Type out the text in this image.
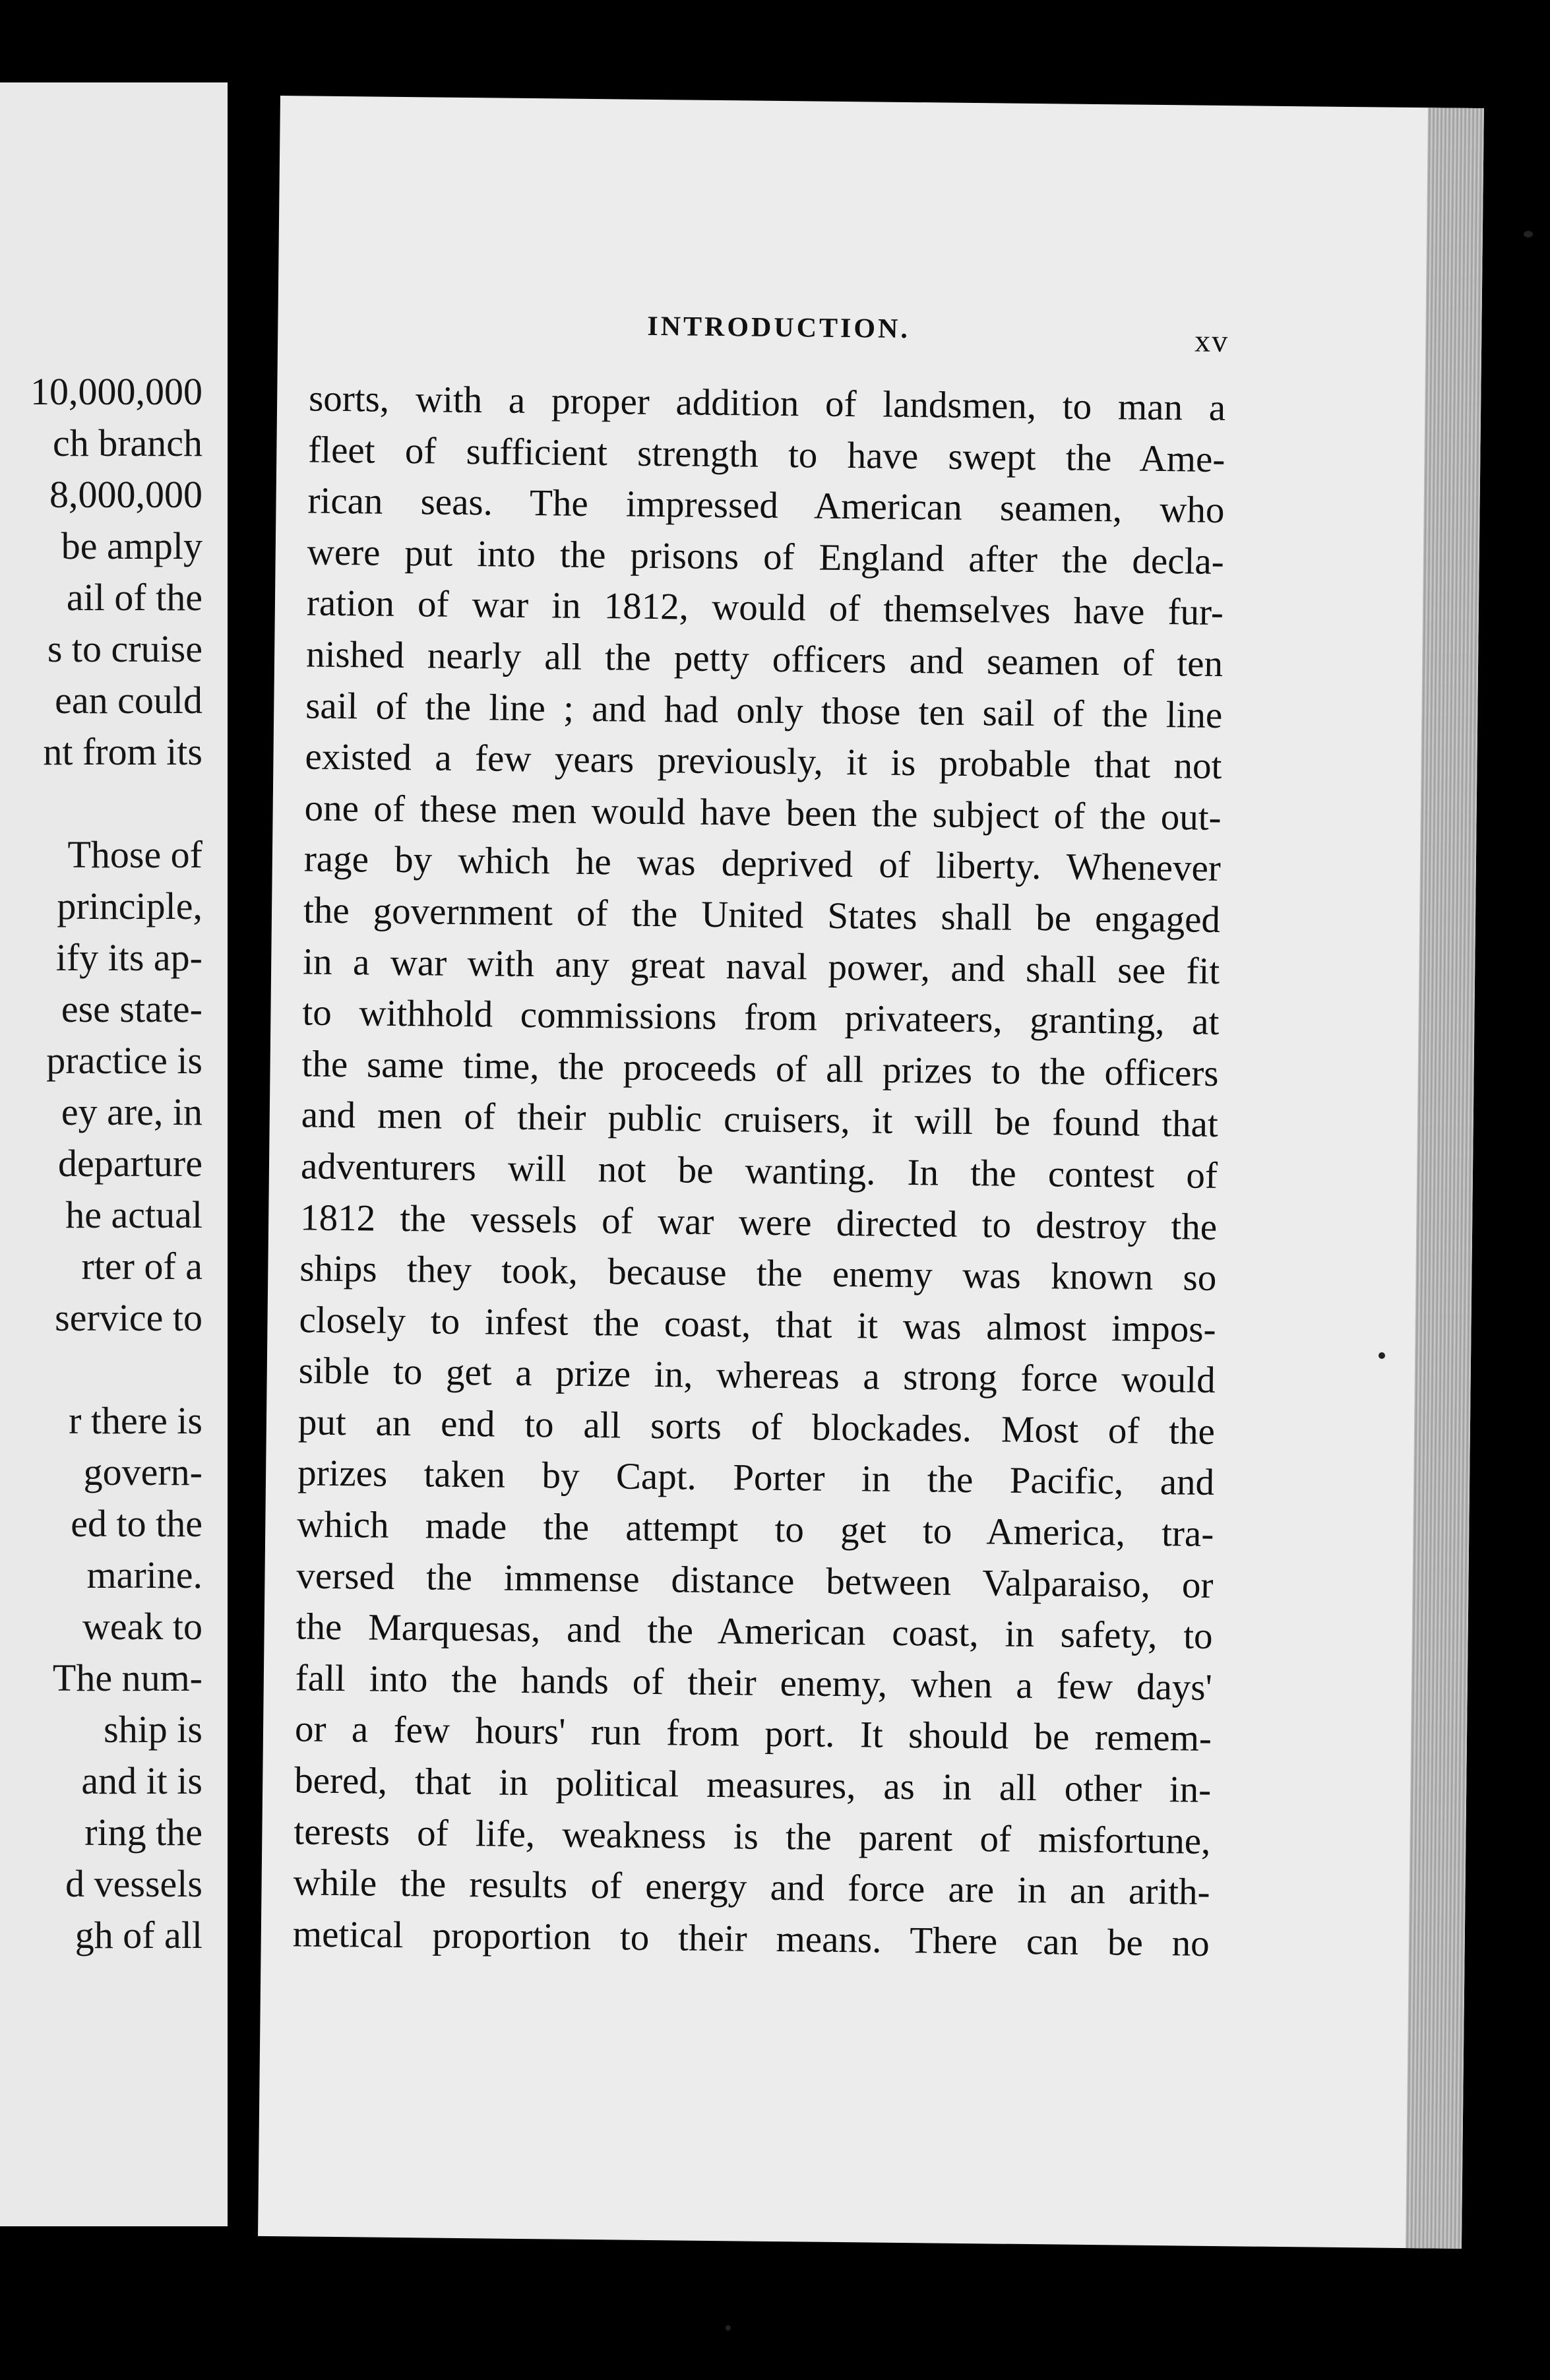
10,000,000
ch branch
8,000,000
be amply
ail of the
s to cruise
ean could
nt from its
Those of
principle,
ify its ap-
ese state-
practice is
ey are, in
departure
he actual
rter of a
service to
r there is
govern-
ed to the
marine.
weak to
The num-
ship is
and it is
ring the
d vessels
gh of all
INTRODUCTION.	xv
sorts, with a proper addition of landsmen, to man a
fleet of sufficient strength to have swept the Ame-
rican seas. The impressed American seamen, who
were put into the prisons of England after the decla-
ration of war in 1812, would of themselves have fur-
nished nearly all the petty officers and seamen of ten
sail of the line ; and had only those ten sail of the line
existed a few years previously, it is probable that not
one of these men would have been the subject of the out-
rage by which he was deprived of liberty. Whenever
the government of the United States shall be engaged
in a war with any great naval power, and shall see fit
to withhold commissions from privateers, granting, at
the same time, the proceeds of all prizes to the officers
and men of their public cruisers, it will be found that
adventurers will not be wanting. In the contest of
1812 the vessels of war were directed to destroy the
ships they took, because the enemy was known so
closely to infest the coast, that it was almost impos-
sible to get a prize in, whereas a strong force would
put an end to all sorts of blockades. Most of the
prizes taken by Capt. Porter in the Pacific, and
which made the attempt to get to America, tra-
versed the immense distance between Valparaiso, or
the Marquesas, and the American coast, in safety, to
fall into the hands of their enemy, when a few days'
or a few hours' run from port. It should be remem-
bered, that in political measures, as in all other in-
terests of life, weakness is the parent of misfortune,
while the results of energy and force are in an arith-
metical proportion to their means. There can be no
